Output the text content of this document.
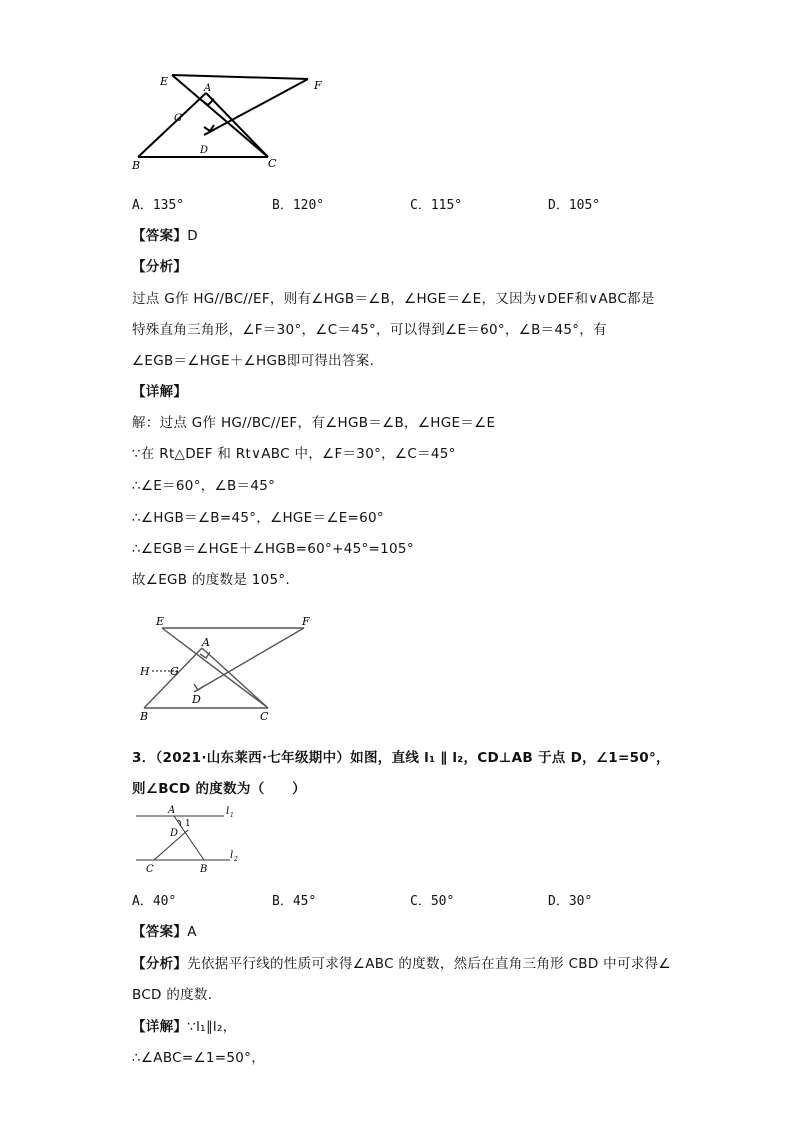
E	F
A
G
D
B	C
A．135°	B．120°	C．115°	D．105°
【答案】D
【分析】
过点 G作 HG//BC//EF，则有∠HGB＝∠B，∠HGE＝∠E，又因为∨DEF和∨ABC都是
特殊直角三角形，∠F＝30°，∠C＝45°，可以得到∠E＝60°，∠B＝45°，有
∠EGB＝∠HGE＋∠HGB即可得出答案．
【详解】
解：过点 G作 HG//BC//EF，有∠HGB＝∠B，∠HGE＝∠E
∵在 Rt△DEF 和 Rt∨ABC 中，∠F＝30°，∠C＝45°
∴∠E＝60°，∠B＝45°
∴∠HGB＝∠B=45°，∠HGE＝∠E=60°
∴∠EGB＝∠HGE＋∠HGB=60°+45°=105°
故∠EGB 的度数是 105°．
E	F
A
H G
D
B	C
3．（2021·山东莱西·七年级期中）如图，直线 l₁ ∥ l₂，CD⊥AB 于点 D，∠1=50°，
则∠BCD 的度数为（　　）
A	l 1
1
D
C	B
l 2
A．40°	B．45°	C．50°	D．30°
【答案】A
【分析】先依据平行线的性质可求得∠ABC 的度数，然后在直角三角形 CBD 中可求得∠
BCD 的度数．
【详解】∵l₁∥l₂，
∴∠ABC=∠1=50°，
